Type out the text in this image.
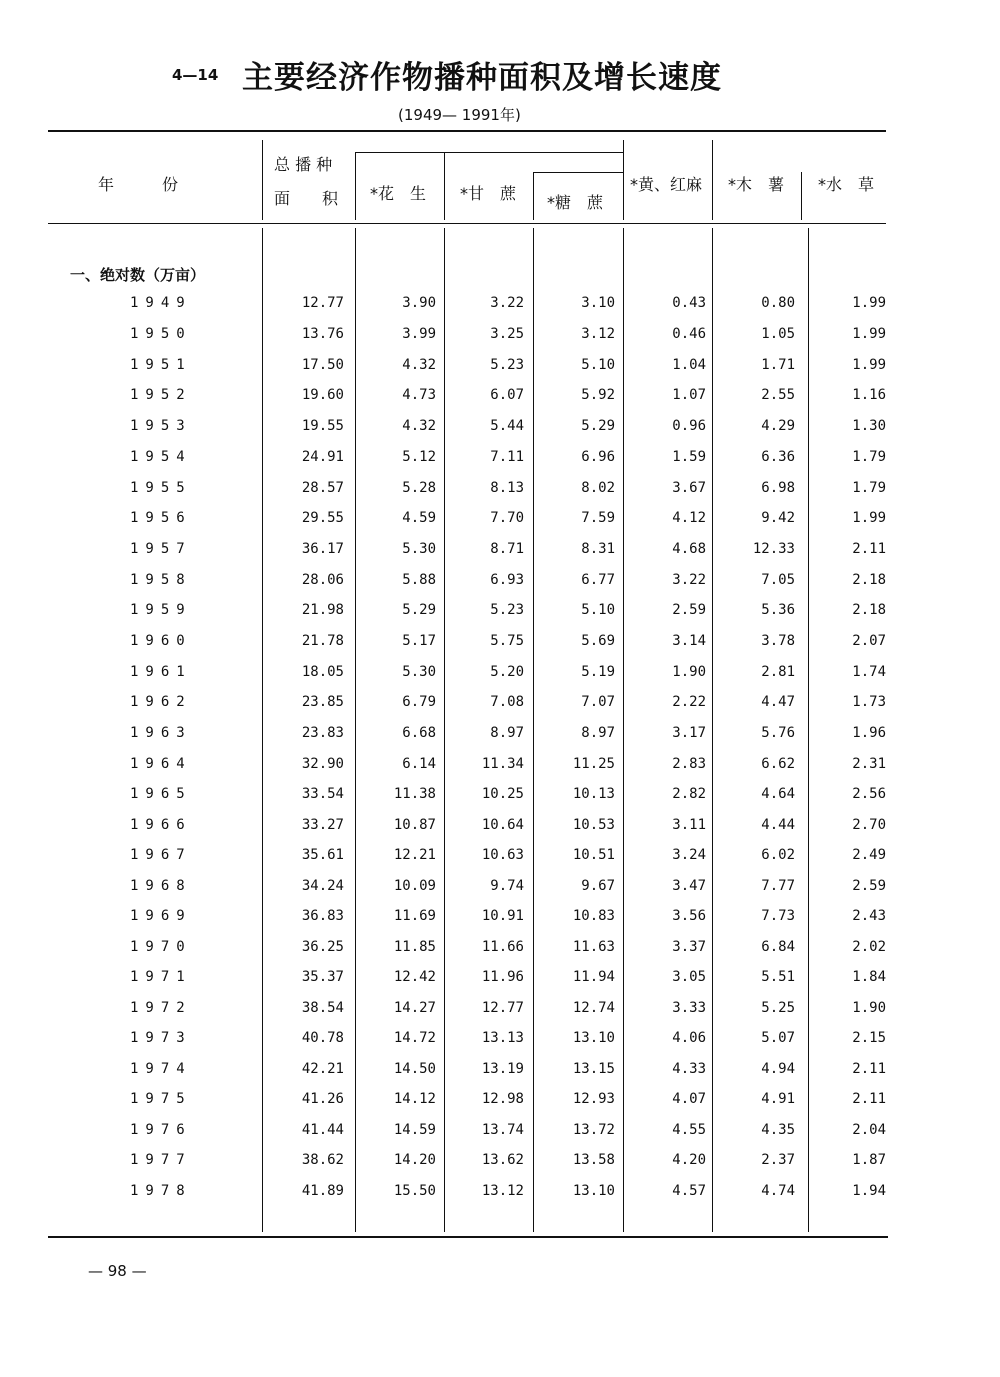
4—14 主要经济作物播种面积及增长速度
(1949— 1991年)
年　　　份
总 播 种
面　　积 *花　生 *甘　蔗 *糖　蔗
*黄、红麻 *木　薯 *水　草
一、绝对数（万亩）
1949	12.77	3.90	3.22	3.10	0.43	0.80	1.99
1950	13.76	3.99	3.25	3.12	0.46	1.05	1.99
1951	17.50	4.32	5.23	5.10	1.04	1.71	1.99
1952	19.60	4.73	6.07	5.92	1.07	2.55	1.16
1953	19.55	4.32	5.44	5.29	0.96	4.29	1.30
1954	24.91	5.12	7.11	6.96	1.59	6.36	1.79
1955	28.57	5.28	8.13	8.02	3.67	6.98	1.79
1956	29.55	4.59	7.70	7.59	4.12	9.42	1.99
1957	36.17	5.30	8.71	8.31	4.68	12.33	2.11
1958	28.06	5.88	6.93	6.77	3.22	7.05	2.18
1959	21.98	5.29	5.23	5.10	2.59	5.36	2.18
1960	21.78	5.17	5.75	5.69	3.14	3.78	2.07
1961	18.05	5.30	5.20	5.19	1.90	2.81	1.74
1962	23.85	6.79	7.08	7.07	2.22	4.47	1.73
1963	23.83	6.68	8.97	8.97	3.17	5.76	1.96
1964	32.90	6.14	11.34	11.25	2.83	6.62	2.31
1965	33.54	11.38	10.25	10.13	2.82	4.64	2.56
1966	33.27	10.87	10.64	10.53	3.11	4.44	2.70
1967	35.61	12.21	10.63	10.51	3.24	6.02	2.49
1968	34.24	10.09	9.74	9.67	3.47	7.77	2.59
1969	36.83	11.69	10.91	10.83	3.56	7.73	2.43
1970	36.25	11.85	11.66	11.63	3.37	6.84	2.02
1971	35.37	12.42	11.96	11.94	3.05	5.51	1.84
1972	38.54	14.27	12.77	12.74	3.33	5.25	1.90
1973	40.78	14.72	13.13	13.10	4.06	5.07	2.15
1974	42.21	14.50	13.19	13.15	4.33	4.94	2.11
1975	41.26	14.12	12.98	12.93	4.07	4.91	2.11
1976	41.44	14.59	13.74	13.72	4.55	4.35	2.04
1977	38.62	14.20	13.62	13.58	4.20	2.37	1.87
1978	41.89	15.50	13.12	13.10	4.57	4.74	1.94
— 98 —
